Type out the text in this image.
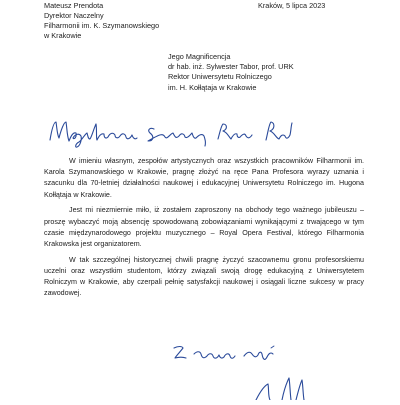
Mateusz Prendota
Dyrektor Naczelny
Filharmonii im. K. Szymanowskiego
w Krakowie
Kraków, 5 lipca 2023
Jego Magnificencja
dr hab. inż. Sylwester Tabor, prof. URK
Rektor Uniwersytetu Rolniczego
im. H. Kołłątaja w Krakowie

W imieniu własnym, zespołów artystycznych oraz wszystkich pracowników Filharmonii im. Karola Szymanowskiego w Krakowie, pragnę złożyć na ręce Pana Profesora wyrazy uznania i szacunku dla 70-letniej działalności naukowej i edukacyjnej Uniwersytetu Rolniczego im. Hugona Kołłątaja w Krakowie.

Jest mi niezmiernie miło, iż zostałem zaproszony na obchody tego ważnego jubileuszu – proszę wybaczyć moją absencję spowodowaną zobowiązaniami wynikającymi z trwającego w tym czasie międzynarodowego projektu muzycznego – Royal Opera Festival, którego Filharmonia Krakowska jest organizatorem.

W tak szczególnej historycznej chwili pragnę życzyć szacownemu gronu profesorskiemu uczelni oraz wszystkim studentom, którzy związali swoją drogę edukacyjną z Uniwersytetem Rolniczym w Krakowie, aby czerpali pełnię satysfakcji naukowej i osiągali liczne sukcesy w pracy zawodowej.
